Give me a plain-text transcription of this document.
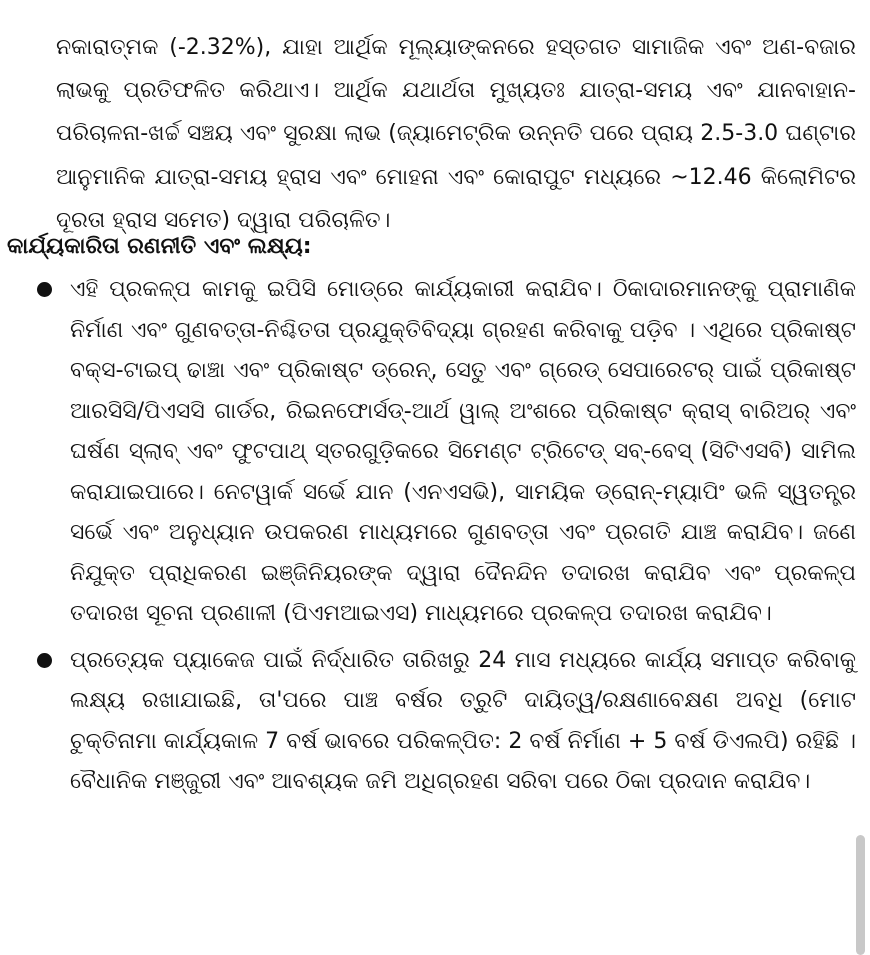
ନକାରାତ୍ମକ (-2.32%), ଯାହା ଆର୍ଥିକ ମୂଲ୍ୟାଙ୍କନରେ ହସ୍ତଗତ ସାମାଜିକ ଏବଂ ଅଣ-ବଜାର ଲାଭକୁ ପ୍ରତିଫଳିତ କରିଥାଏ। ଆର୍ଥିକ ଯଥାର୍ଥତା ମୁଖ୍ୟତଃ ଯାତ୍ରା-ସମୟ ଏବଂ ଯାନବାହାନ-ପରିଚାଳନା-ଖର୍ଚ୍ଚ ସଞ୍ଚୟ ଏବଂ ସୁରକ୍ଷା ଲାଭ (ଜ୍ୟାମେଟ୍ରିକ ଉନ୍ନତି ପରେ ପ୍ରାୟ 2.5-3.0 ଘଣ୍ଟାର ଆନୁମାନିକ ଯାତ୍ରା-ସମୟ ହ୍ରାସ ଏବଂ ମୋହନା ଏବଂ କୋରାପୁଟ ମଧ୍ୟରେ ~12.46 କିଲୋମିଟର ଦୂରତା ହ୍ରାସ ସମେତ) ଦ୍ୱାରା ପରିଚାଳିତ।

କାର୍ଯ୍ୟକାରିତା ରଣନୀତି ଏବଂ ଲକ୍ଷ୍ୟ:
ଏହି ପ୍ରକଳ୍ପ କାମକୁ ଇପିସି ମୋଡ୍‌ରେ କାର୍ଯ୍ୟକାରୀ କରାଯିବ। ଠିକାଦାରମାନଙ୍କୁ ପ୍ରାମାଣିକ ନିର୍ମାଣ ଏବଂ ଗୁଣବତ୍ତା-ନିଶ୍ଚିତତା ପ୍ରଯୁକ୍ତିବିଦ୍ୟା ଗ୍ରହଣ କରିବାକୁ ପଡ଼ିବ । ଏଥିରେ ପ୍ରିକାଷ୍ଟ ବକ୍ସ-ଟାଇପ୍ ଢାଞ୍ଚା ଏବଂ ପ୍ରିକାଷ୍ଟ ଡ୍ରେନ୍, ସେତୁ ଏବଂ ଗ୍ରେଡ୍ ସେପାରେଟର୍ ପାଇଁ ପ୍ରିକାଷ୍ଟ ଆରସିସି/ପିଏସସି ଗାର୍ଡର, ରିଇନଫୋର୍ସଡ୍-ଆର୍ଥ ୱାଲ୍ ଅଂଶରେ ପ୍ରିକାଷ୍ଟ କ୍ରାସ୍ ବାରିଅର୍ ଏବଂ ଘର୍ଷଣ ସ୍ଲାବ୍ ଏବଂ ଫୁଟପାଥ୍ ସ୍ତରଗୁଡ଼ିକରେ ସିମେଣ୍ଟ ଟ୍ରିଟେଡ୍ ସବ୍-ବେସ୍ (ସିଟିଏସବି) ସାମିଲ କରାଯାଇପାରେ। ନେଟୱାର୍କ ସର୍ଭେ ଯାନ (ଏନଏସଭି), ସାମୟିକ ଡ୍ରୋନ୍-ମ୍ୟାପିଂ ଭଳି ସ୍ୱତନ୍ତ୍ର ସର୍ଭେ ଏବଂ ଅନୁଧ୍ୟାନ ଉପକରଣ ମାଧ୍ୟମରେ ଗୁଣବତ୍ତା ଏବଂ ପ୍ରଗତି ଯାଞ୍ଚ କରାଯିବ। ଜଣେ ନିଯୁକ୍ତ ପ୍ରାଧିକରଣ ଇଞ୍ଜିନିୟରଙ୍କ ଦ୍ୱାରା ଦୈନନ୍ଦିନ ତଦାରଖ କରାଯିବ ଏବଂ ପ୍ରକଳ୍ପ ତଦାରଖ ସୂଚନା ପ୍ରଣାଳୀ (ପିଏମଆଇଏସ) ମାଧ୍ୟମରେ ପ୍ରକଳ୍ପ ତଦାରଖ କରାଯିବ।
ପ୍ରତ୍ୟେକ ପ୍ୟାକେଜ ପାଇଁ ନିର୍ଦ୍ଧାରିତ ତାରିଖରୁ 24 ମାସ ମଧ୍ୟରେ କାର୍ଯ୍ୟ ସମାପ୍ତ କରିବାକୁ ଲକ୍ଷ୍ୟ ରଖାଯାଇଛି, ତା'ପରେ ପାଞ୍ଚ ବର୍ଷର ତ୍ରୁଟି ଦାୟିତ୍ୱ/ରକ୍ଷଣାବେକ୍ଷଣ ଅବଧି (ମୋଟ ଚୁକ୍ତିନାମା କାର୍ଯ୍ୟକାଳ 7 ବର୍ଷ ଭାବରେ ପରିକଳ୍ପିତ: 2 ବର୍ଷ ନିର୍ମାଣ + 5 ବର୍ଷ ଡିଏଲପି) ରହିଛି । ବୈଧାନିକ ମଞ୍ଜୁରୀ ଏବଂ ଆବଶ୍ୟକ ଜମି ଅଧିଗ୍ରହଣ ସରିବା ପରେ ଠିକା ପ୍ରଦାନ କରାଯିବ।
